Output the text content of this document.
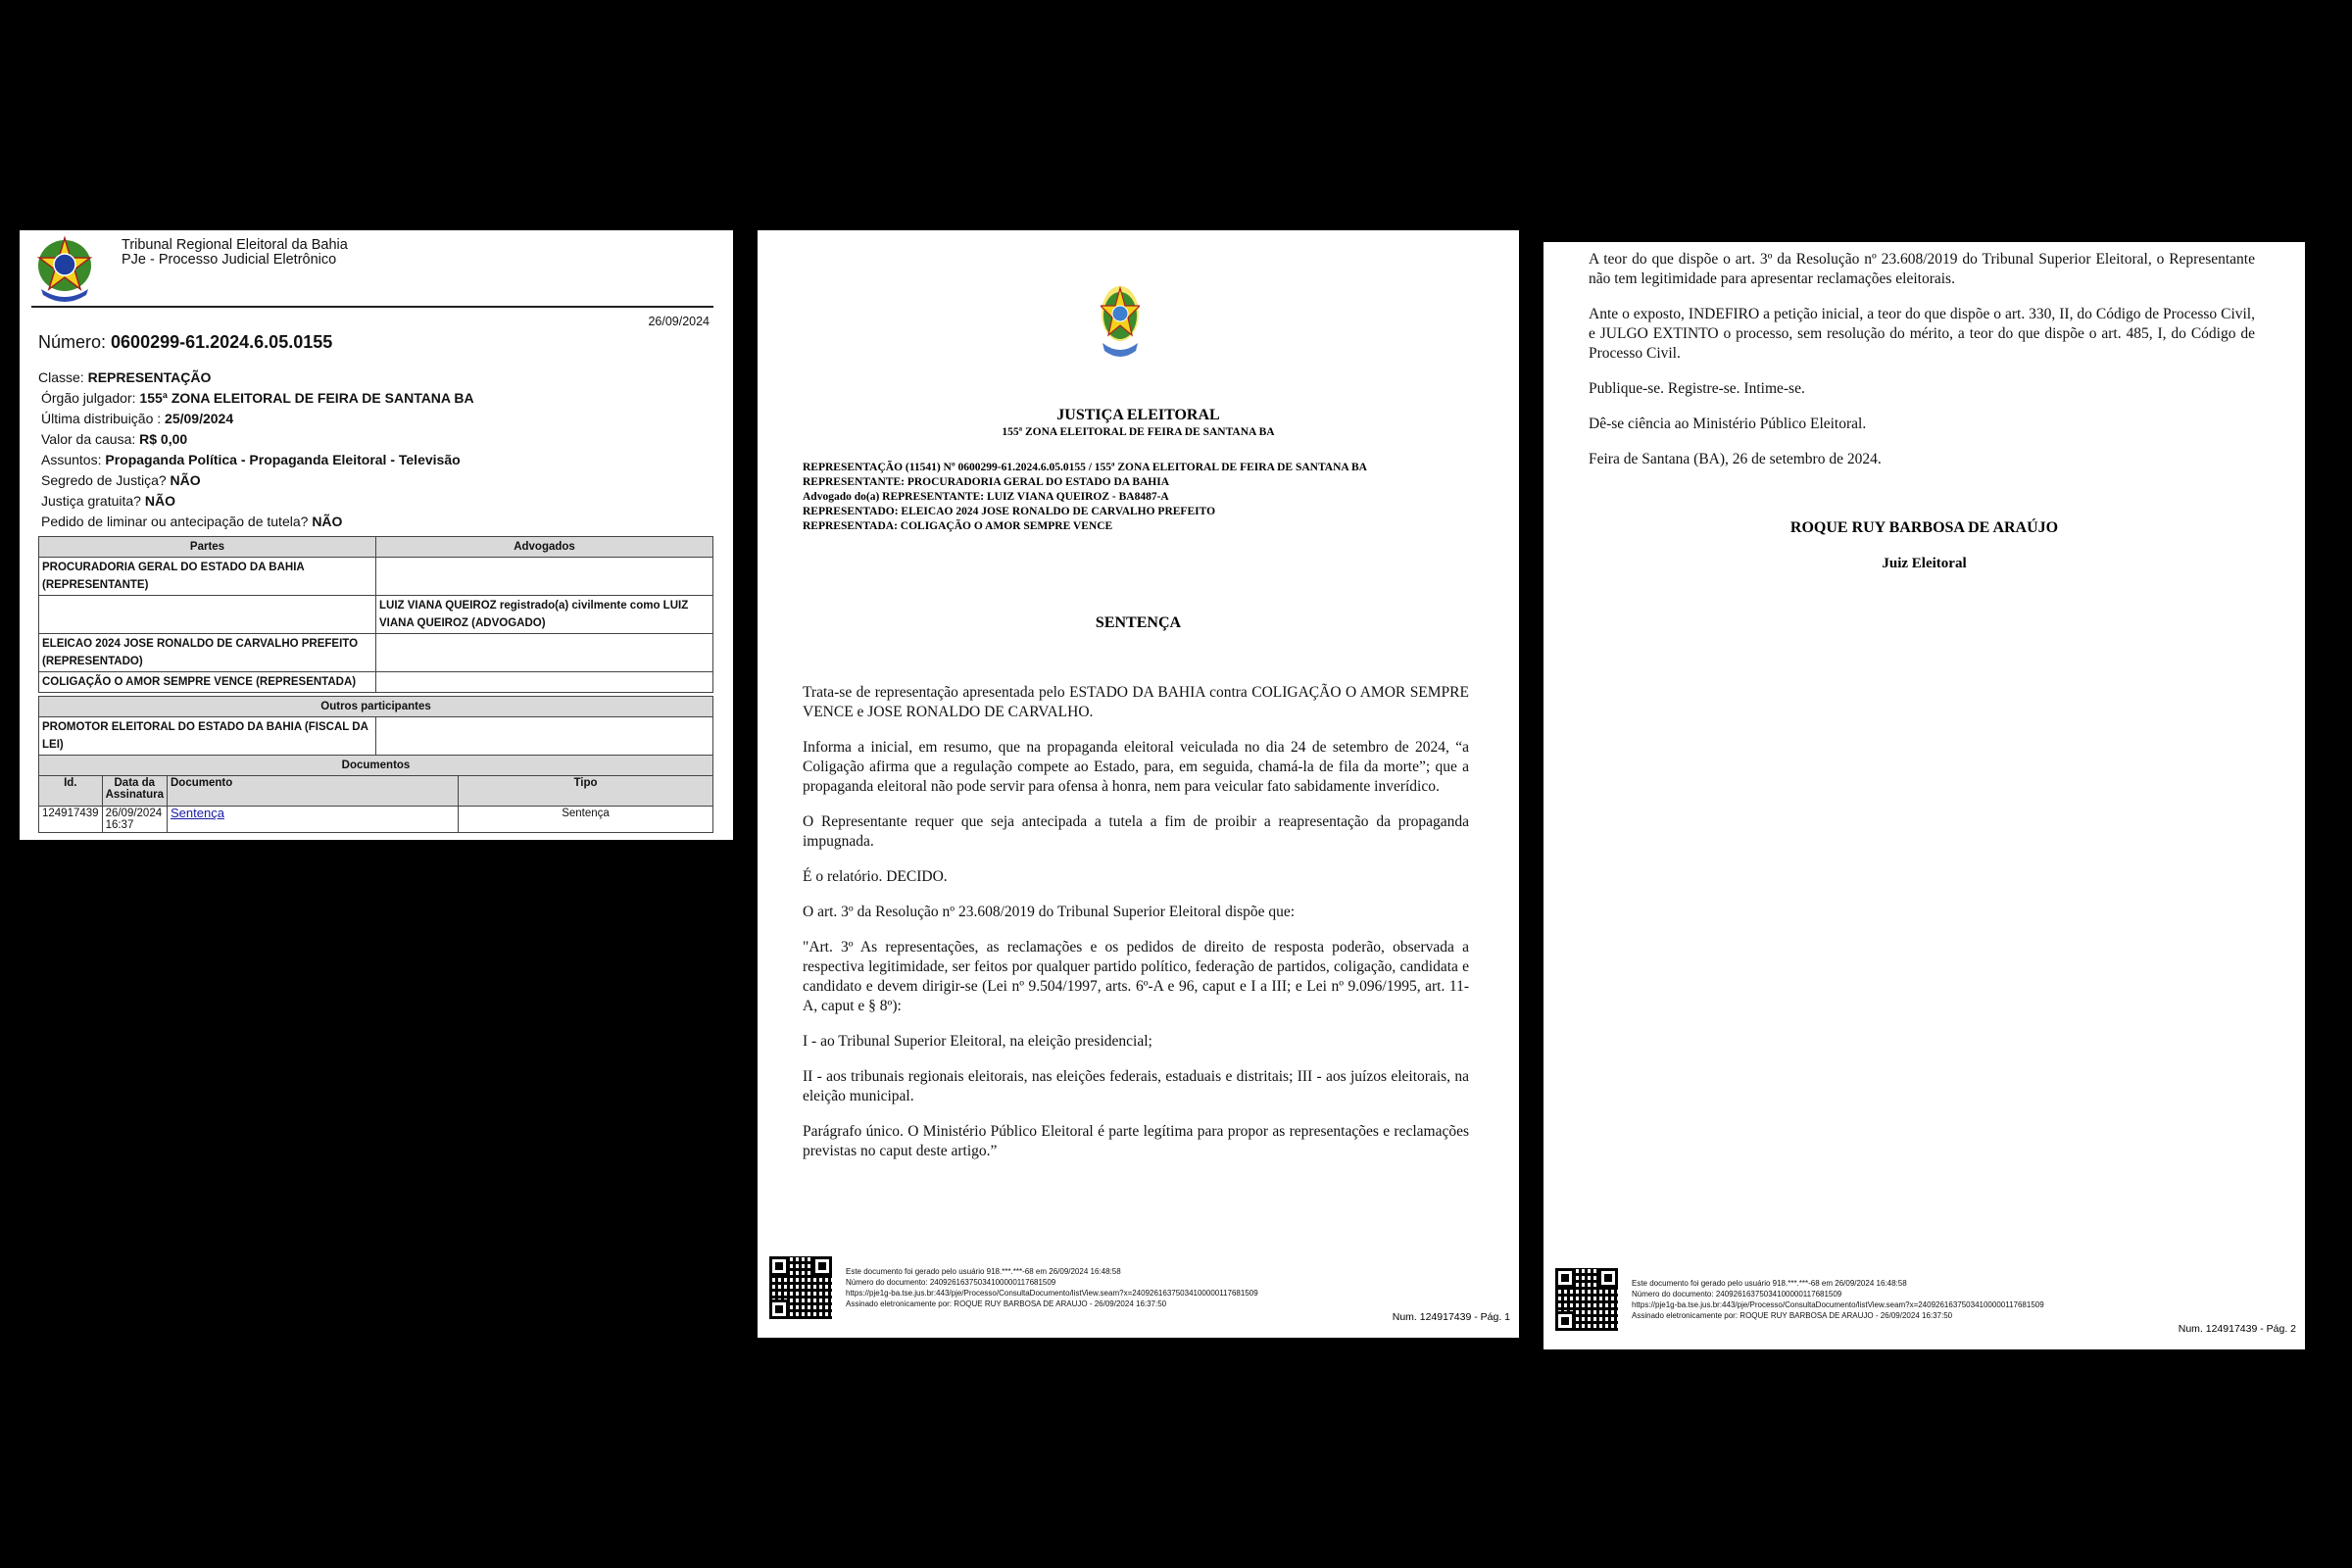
Tribunal Regional Eleitoral da Bahia
PJe - Processo Judicial Eletrônico
26/09/2024
Número: 0600299-61.2024.6.05.0155
Classe: REPRESENTAÇÃO
Órgão julgador: 155ª ZONA ELEITORAL DE FEIRA DE SANTANA BA
Última distribuição : 25/09/2024
Valor da causa: R$ 0,00
Assuntos: Propaganda Política - Propaganda Eleitoral - Televisão
Segredo de Justiça? NÃO
Justiça gratuita? NÃO
Pedido de liminar ou antecipação de tutela? NÃO
Partes	Advogados
PROCURADORIA GERAL DO ESTADO DA BAHIA (REPRESENTANTE)	
	LUIZ VIANA QUEIROZ registrado(a) civilmente como LUIZ VIANA QUEIROZ (ADVOGADO)
ELEICAO 2024 JOSE RONALDO DE CARVALHO PREFEITO (REPRESENTADO)	
COLIGAÇÃO O AMOR SEMPRE VENCE (REPRESENTADA)	
Outros participantes
PROMOTOR ELEITORAL DO ESTADO DA BAHIA (FISCAL DA LEI)	
Documentos			
Id.	Data da Assinatura	Documento	Tipo
124917439	26/09/2024 16:37	Sentença	Sentença
JUSTIÇA ELEITORAL
155ª ZONA ELEITORAL DE FEIRA DE SANTANA BA
REPRESENTAÇÃO (11541) Nº 0600299-61.2024.6.05.0155 / 155ª ZONA ELEITORAL DE FEIRA DE SANTANA BA
REPRESENTANTE: PROCURADORIA GERAL DO ESTADO DA BAHIA
Advogado do(a) REPRESENTANTE: LUIZ VIANA QUEIROZ - BA8487-A
REPRESENTADO: ELEICAO 2024 JOSE RONALDO DE CARVALHO PREFEITO
REPRESENTADA: COLIGAÇÃO O AMOR SEMPRE VENCE
SENTENÇA

Trata-se de representação apresentada pelo ESTADO DA BAHIA contra COLIGAÇÃO O AMOR SEMPRE VENCE e JOSE RONALDO DE CARVALHO.

Informa a inicial, em resumo, que na propaganda eleitoral veiculada no dia 24 de setembro de 2024, “a Coligação afirma que a regulação compete ao Estado, para, em seguida, chamá-la de fila da morte”; que a propaganda eleitoral não pode servir para ofensa à honra, nem para veicular fato sabidamente inverídico.

O Representante requer que seja antecipada a tutela a fim de proibir a reapresentação da propaganda impugnada.

É o relatório. DECIDO.

O art. 3º da Resolução nº 23.608/2019 do Tribunal Superior Eleitoral dispõe que:

"Art. 3º As representações, as reclamações e os pedidos de direito de resposta poderão, observada a respectiva legitimidade, ser feitos por qualquer partido político, federação de partidos, coligação, candidata e candidato e devem dirigir-se (Lei nº 9.504/1997, arts. 6º-A e 96, caput e I a III; e Lei nº 9.096/1995, art. 11-A, caput e § 8º):

I - ao Tribunal Superior Eleitoral, na eleição presidencial;

II - aos tribunais regionais eleitorais, nas eleições federais, estaduais e distritais; III - aos juízos eleitorais, na eleição municipal.

Parágrafo único. O Ministério Público Eleitoral é parte legítima para propor as representações e reclamações previstas no caput deste artigo.”

Este documento foi gerado pelo usuário 918.***.***-68 em 26/09/2024 16:48:58
Número do documento: 24092616375034100000117681509
https://pje1g-ba.tse.jus.br:443/pje/Processo/ConsultaDocumento/listView.seam?x=24092616375034100000117681509
Assinado eletronicamente por: ROQUE RUY BARBOSA DE ARAUJO - 26/09/2024 16:37:50
Num. 124917439 - Pág. 1

A teor do que dispõe o art. 3º da Resolução nº 23.608/2019 do Tribunal Superior Eleitoral, o Representante não tem legitimidade para apresentar reclamações eleitorais.

Ante o exposto, INDEFIRO a petição inicial, a teor do que dispõe o art. 330, II, do Código de Processo Civil, e JULGO EXTINTO o processo, sem resolução do mérito, a teor do que dispõe o art. 485, I, do Código de Processo Civil.

Publique-se. Registre-se. Intime-se.

Dê-se ciência ao Ministério Público Eleitoral.

Feira de Santana (BA), 26 de setembro de 2024.

ROQUE RUY BARBOSA DE ARAÚJO
Juiz Eleitoral
Este documento foi gerado pelo usuário 918.***.***-68 em 26/09/2024 16:48:58
Número do documento: 24092616375034100000117681509
https://pje1g-ba.tse.jus.br:443/pje/Processo/ConsultaDocumento/listView.seam?x=24092616375034100000117681509
Assinado eletronicamente por: ROQUE RUY BARBOSA DE ARAUJO - 26/09/2024 16:37:50
Num. 124917439 - Pág. 2
